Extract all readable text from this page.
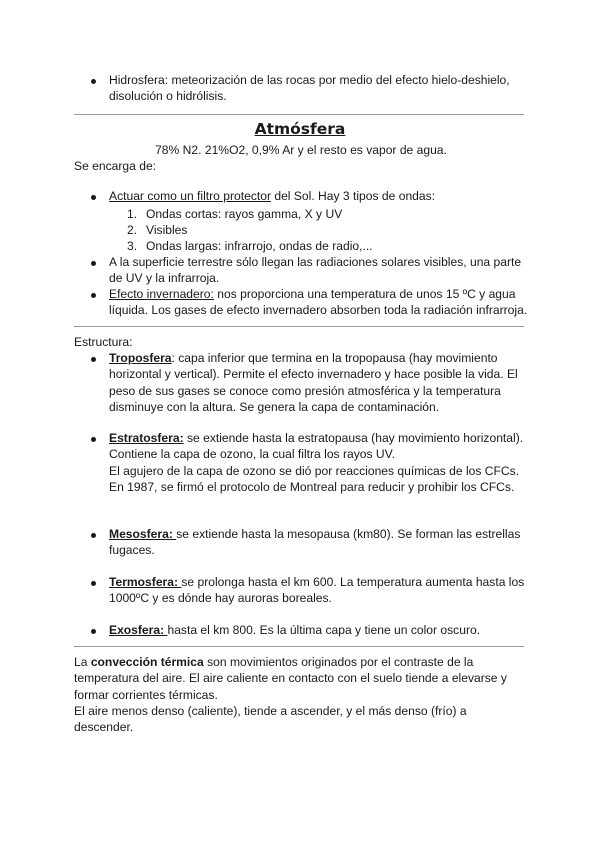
Hidrosfera: meteorización de las rocas por medio del efecto hielo-deshielo, disolución o hidrólisis.
Atmósfera
78% N2. 21%O2, 0,9% Ar y el resto es vapor de agua.
Se encarga de:
Actuar como un filtro protector del Sol. Hay 3 tipos de ondas:
1. Ondas cortas: rayos gamma, X y UV
2. Visibles
3. Ondas largas: infrarrojo, ondas de radio,...
A la superficie terrestre sólo llegan las radiaciones solares visibles, una parte de UV y la infrarroja.
Efecto invernadero: nos proporciona una temperatura de unos 15 ºC y agua líquida. Los gases de efecto invernadero absorben toda la radiación infrarroja.
Estructura:
Troposfera: capa inferior que termina en la tropopausa (hay movimiento horizontal y vertical). Permite el efecto invernadero y hace posible la vida. El peso de sus gases se conoce como presión atmosférica y la temperatura disminuye con la altura. Se genera la capa de contaminación.
Estratosfera: se extiende hasta la estratopausa (hay movimiento horizontal). Contiene la capa de ozono, la cual filtra los rayos UV.
El agujero de la capa de ozono se dió por reacciones químicas de los CFCs. En 1987, se firmó el protocolo de Montreal para reducir y prohibir los CFCs.
Mesosfera: se extiende hasta la mesopausa (km80). Se forman las estrellas fugaces.
Termosfera: se prolonga hasta el km 600. La temperatura aumenta hasta los 1000ºC y es dónde hay auroras boreales.
Exosfera: hasta el km 800. Es la última capa y tiene un color oscuro.
La convección térmica son movimientos originados por el contraste de la temperatura del aire. El aire caliente en contacto con el suelo tiende a elevarse y formar corrientes térmicas.
El aire menos denso (caliente), tiende a ascender, y el más denso (frío) a descender.
